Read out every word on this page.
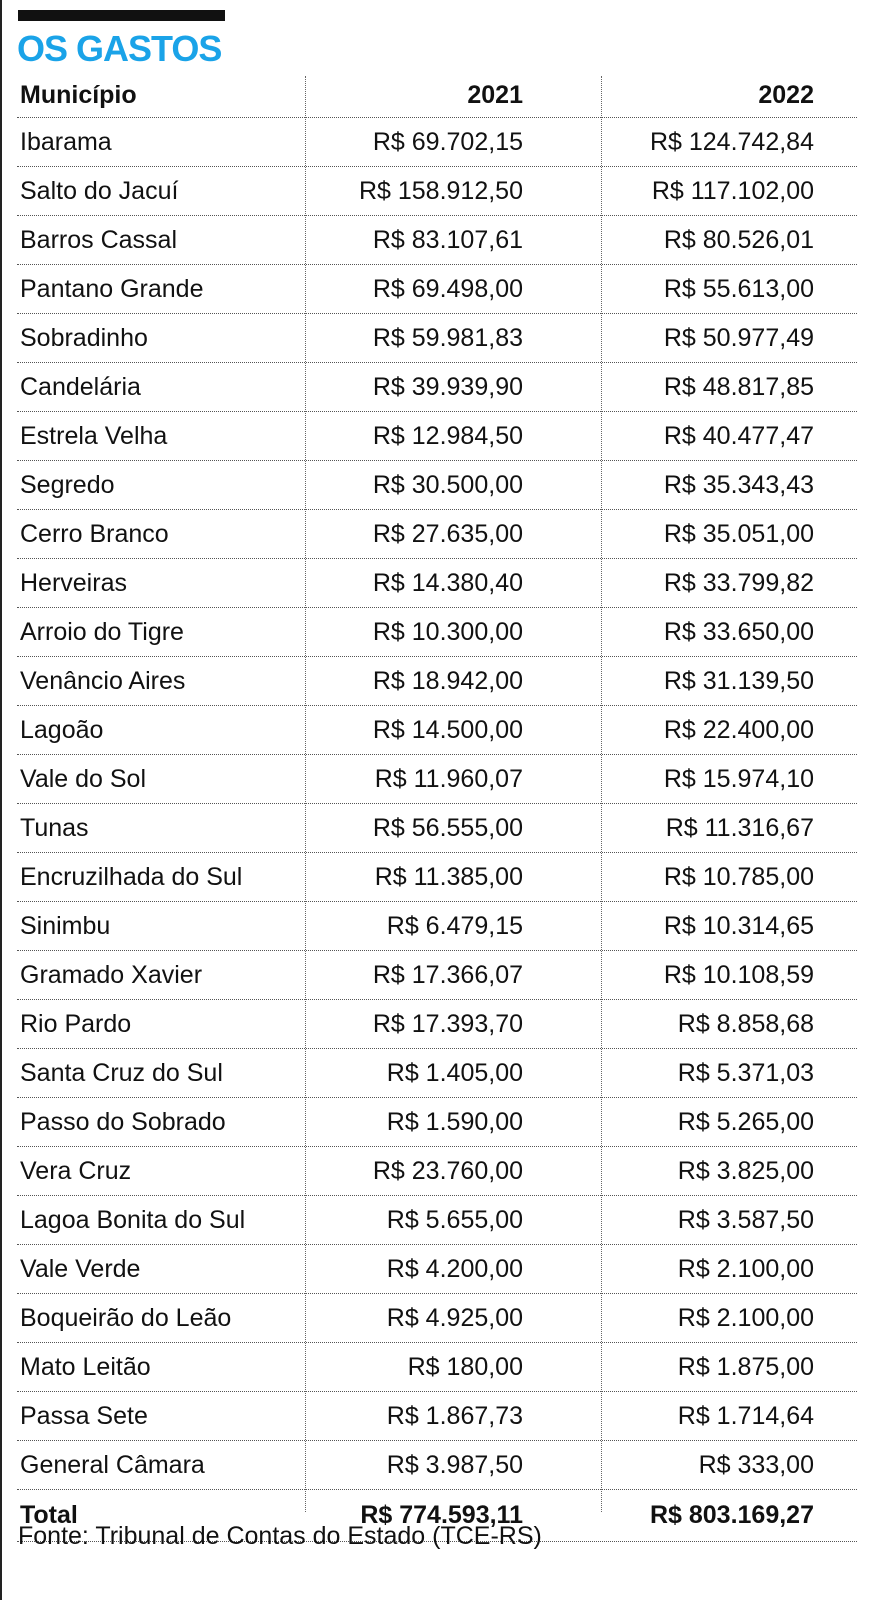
OS GASTOS
Município	2021	2022
Ibarama	R$ 69.702,15	R$ 124.742,84
Salto do Jacuí	R$ 158.912,50	R$ 117.102,00
Barros Cassal	R$ 83.107,61	R$ 80.526,01
Pantano Grande	R$ 69.498,00	R$ 55.613,00
Sobradinho	R$ 59.981,83	R$ 50.977,49
Candelária	R$ 39.939,90	R$ 48.817,85
Estrela Velha	R$ 12.984,50	R$ 40.477,47
Segredo	R$ 30.500,00	R$ 35.343,43
Cerro Branco	R$ 27.635,00	R$ 35.051,00
Herveiras	R$ 14.380,40	R$ 33.799,82
Arroio do Tigre	R$ 10.300,00	R$ 33.650,00
Venâncio Aires	R$ 18.942,00	R$ 31.139,50
Lagoão	R$ 14.500,00	R$ 22.400,00
Vale do Sol	R$ 11.960,07	R$ 15.974,10
Tunas	R$ 56.555,00	R$ 11.316,67
Encruzilhada do Sul	R$ 11.385,00	R$ 10.785,00
Sinimbu	R$ 6.479,15	R$ 10.314,65
Gramado Xavier	R$ 17.366,07	R$ 10.108,59
Rio Pardo	R$ 17.393,70	R$ 8.858,68
Santa Cruz do Sul	R$ 1.405,00	R$ 5.371,03
Passo do Sobrado	R$ 1.590,00	R$ 5.265,00
Vera Cruz	R$ 23.760,00	R$ 3.825,00
Lagoa Bonita do Sul	R$ 5.655,00	R$ 3.587,50
Vale Verde	R$ 4.200,00	R$ 2.100,00
Boqueirão do Leão	R$ 4.925,00	R$ 2.100,00
Mato Leitão	R$ 180,00	R$ 1.875,00
Passa Sete	R$ 1.867,73	R$ 1.714,64
General Câmara	R$ 3.987,50	R$ 333,00
Total	R$ 774.593,11	R$ 803.169,27
Fonte: Tribunal de Contas do Estado (TCE-RS)
